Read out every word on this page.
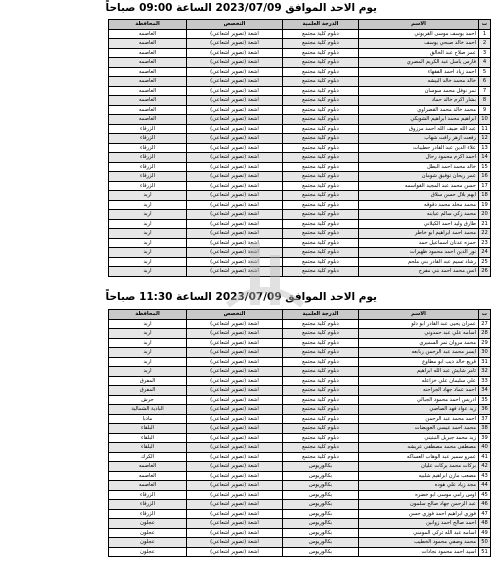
يوم الاحد الموافق 2023/07/09 الساعة 09:00 صباحاً
ت	الاسم	الدرجة العلمية	التخصص	المحافظة
1	احمد يوسف موسى القريوني	دبلوم كلية مجتمع	اشعة (تصوير اشعاعي)	العاصمه
2	احمد خالد صبحي يوسف	دبلوم كلية مجتمع	اشعة (تصوير اشعاعي)	العاصمه
3	عمر صلاح عبد الخالق	دبلوم كلية مجتمع	اشعة (تصوير اشعاعي)	العاصمه
4	فارس ياسل عبد الكريم المصري	دبلوم كلية مجتمع	اشعة (تصوير اشعاعي)	العاصمه
5	احمد زياد احمد الفقهاء	دبلوم كلية مجتمع	اشعة (تصوير اشعاعي)	العاصمه
6	خالد محمد خالد البيشه	دبلوم كلية مجتمع	اشعة (تصوير اشعاعي)	العاصمه
7	نمر نوفل محمد سوسان	دبلوم كلية مجتمع	اشعة (تصوير اشعاعي)	العاصمه
8	بشار اكرم خالد حماد	دبلوم كلية مجتمع	اشعة (تصوير اشعاعي)	العاصمه
9	محمد خالد محمد القصراوي	دبلوم كلية مجتمع	اشعة (تصوير اشعاعي)	العاصمه
10	ابراهيم محمد ابراهيم الشويكي	دبلوم كلية مجتمع	اشعة (تصوير اشعاعي)	العاصمه
11	عبد الله ضيف الله احمد مرزوق	دبلوم كلية مجتمع	اشعة (تصوير اشعاعي)	الزرقاء
12	رفعت ازهر رافت شهاب	دبلوم كلية مجتمع	اشعة (تصوير اشعاعي)	الزرقاء
13	علاء الدين عبد القادر حطيبات	دبلوم كلية مجتمع	اشعة (تصوير اشعاعي)	الزرقاء
14	احمد اكرم محمود رحال	دبلوم كلية مجتمع	اشعة (تصوير اشعاعي)	الزرقاء
15	خالد محمد احمد البطل	دبلوم كلية مجتمع	اشعة (تصوير اشعاعي)	الزرقاء
16	عمر ريحان توفيق شومان	دبلوم كلية مجتمع	اشعة (تصوير اشعاعي)	الزرقاء
17	حسن محمد عبد المجيد القواسمه	دبلوم كلية مجتمع	اشعة (تصوير اشعاعي)	الزرقاء
18	ايهم بلال حسن سلاق	دبلوم كلية مجتمع	اشعة (تصوير اشعاعي)	اربد
19	محمد مخلد محمد دقوقه	دبلوم كلية مجتمع	اشعة (تصوير اشعاعي)	اربد
20	محمد زكي سالم عيابنه	دبلوم كلية مجتمع	اشعة (تصوير اشعاعي)	اربد
21	طارق وليد احمد الكيلاني	دبلوم كلية مجتمع	اشعة (تصوير اشعاعي)	اربد
22	محمد احمد ابراهيم ابو خاطر	دبلوم كلية مجتمع	اشعة (تصوير اشعاعي)	اربد
23	حمزه عدنان اسماعيل حمد	دبلوم كلية مجتمع	اشعة (تصوير اشعاعي)	اربد
24	نور الدين احمد محمود ظهيرات	دبلوم كلية مجتمع	اشعة (تصوير اشعاعي)	اربد
25	رشاد تسيم عبد القادر بني ملحم	دبلوم كلية مجتمع	اشعة (تصوير اشعاعي)	اربد
26	انس محمد احمد بني مفرج	دبلوم كلية مجتمع	اشعة (تصوير اشعاعي)	اربد
يوم الاحد الموافق 2023/07/09 الساعة 11:30 صباحاً
ت	الاسم	الدرجة العلمية	التخصص	المحافظة
27	عمران يحيى عبد القادر ابو دلو	دبلوم كلية مجتمع	اشعة (تصوير اشعاعي)	اربد
28	اسامه علي عبد حمدوني	دبلوم كلية مجتمع	اشعة (تصوير اشعاعي)	اربد
29	محمد مروان نمر السميري	دبلوم كلية مجتمع	اشعة (تصوير اشعاعي)	اربد
30	ايسر محمد عبد الرحمن ربابعه	دبلوم كلية مجتمع	اشعة (تصوير اشعاعي)	اربد
31	قريع خالد ذيب ابو مطاوع	دبلوم كلية مجتمع	اشعة (تصوير اشعاعي)	اربد
32	ثامر شايش عبد الله ابراهيم	دبلوم كلية مجتمع	اشعة (تصوير اشعاعي)	اربد
33	علي سليمان علي خزاعله	دبلوم كلية مجتمع	اشعة (تصوير اشعاعي)	المفرق
34	احمد عماد جهاد الجراحنه	دبلوم كلية مجتمع	اشعة (تصوير اشعاعي)	المفرق
35	ادريس احمد محمود الجبالي	دبلوم كلية مجتمع	اشعة (تصوير اشعاعي)	جرش
36	زيد عواد فهد الصاصي	دبلوم كلية مجتمع	اشعة (تصوير اشعاعي)	البادية الشمالية
37	احمد محمد عبد الرحمن	دبلوم كلية مجتمع	اشعة (تصوير اشعاعي)	مادبا
38	محمد احمد عيسى العويضات	دبلوم كلية مجتمع	اشعة (تصوير اشعاعي)	البلقاء
39	زيد محمد جبريل النبتيني	دبلوم كلية مجتمع	اشعة (تصوير اشعاعي)	البلقاء
40	مصطفى محمد مصطفى عريشه	دبلوم كلية مجتمع	اشعة (تصوير اشعاعي)	البلقاء
41	عمرو سمير عبد الوهاب العساكه	دبلوم كلية مجتمع	اشعة (تصوير اشعاعي)	الكرك
42	بركات محمد بركات عليان	بكالوريوس	اشعة (تصوير اشعاعي)	العاصمه
43	مصعب مازن ابراهيم شلبيه	بكالوريوس	اشعة (تصوير اشعاعي)	العاصمه
44	مجد زياد علي هوده	بكالوريوس	اشعة (تصوير اشعاعي)	العاصمه
45	اوس رامي موسى ابو خضره	بكالوريوس	اشعة (تصوير اشعاعي)	الزرقاء
46	عبد الرحمن جهاد صالح سلمون	بكالوريوس	اشعة (تصوير اشعاعي)	الزرقاء
47	فوزي ابراهيم احمد فوزي حسن	بكالوريوس	اشعة (تصوير اشعاعي)	الزرقاء
48	احمد صالح احمد زوانين	بكالوريوس	اشعة (تصوير اشعاعي)	عجلون
49	اسامه عبد الله تركي المومني	بكالوريوس	اشعة (تصوير اشعاعي)	عجلون
50	محمد وصفي محمود الخطيب	بكالوريوس	اشعة (تصوير اشعاعي)	عجلون
51	اسيد احمد محمود نجادات	بكالوريوس	اشعة (تصوير اشعاعي)	عجلون
